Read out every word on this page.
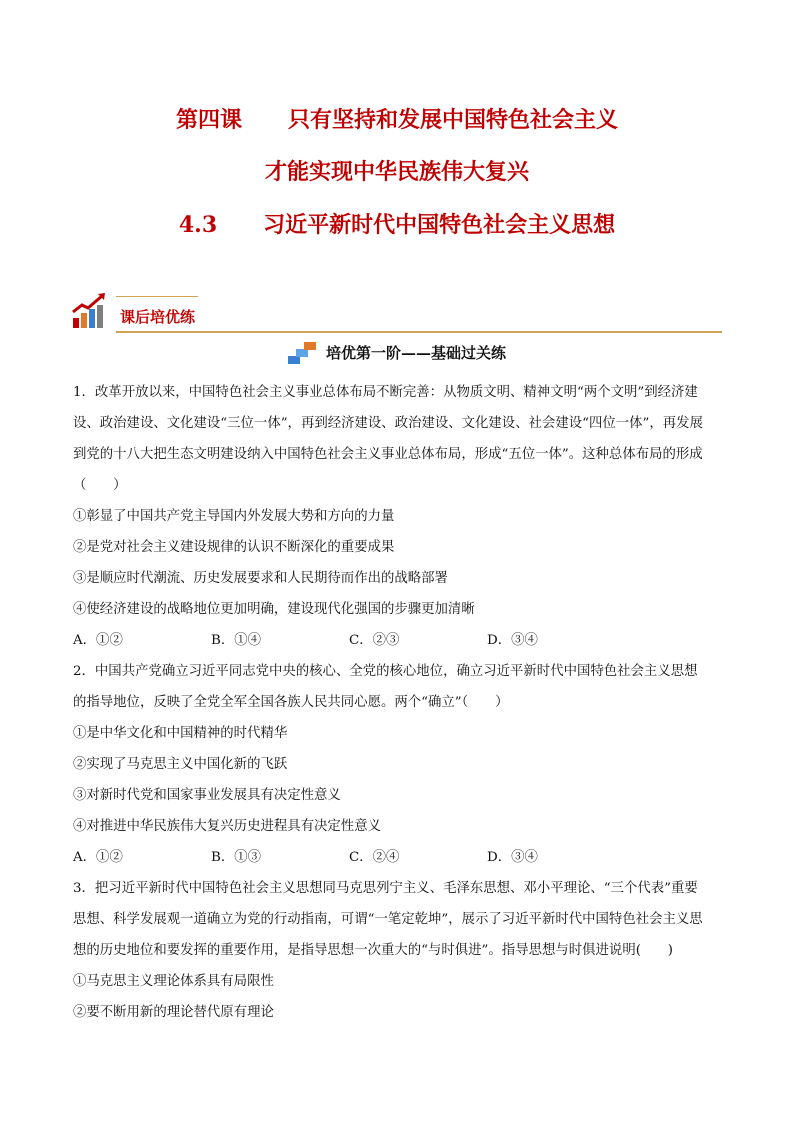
第四课      只有坚持和发展中国特色社会主义
才能实现中华民族伟大复兴
4.3      习近平新时代中国特色社会主义思想
课后培优练
培优第一阶——基础过关练

1．改革开放以来，中国特色社会主义事业总体布局不断完善：从物质文明、精神文明“两个文明”到经济建

设、政治建设、文化建设“三位一体”，再到经济建设、政治建设、文化建设、社会建设“四位一体”，再发展

到党的十八大把生态文明建设纳入中国特色社会主义事业总体布局，形成“五位一体”。这种总体布局的形成

（　　）

①彰显了中国共产党主导国内外发展大势和方向的力量

②是党对社会主义建设规律的认识不断深化的重要成果

③是顺应时代潮流、历史发展要求和人民期待而作出的战略部署

④使经济建设的战略地位更加明确，建设现代化强国的步骤更加清晰

A．①②	B．①④	C．②③	D．③④

2．中国共产党确立习近平同志党中央的核心、全党的核心地位，确立习近平新时代中国特色社会主义思想

的指导地位，反映了全党全军全国各族人民共同心愿。两个“确立”（　　）

①是中华文化和中国精神的时代精华

②实现了马克思主义中国化新的飞跃

③对新时代党和国家事业发展具有决定性意义

④对推进中华民族伟大复兴历史进程具有决定性意义

A．①②	B．①③	C．②④	D．③④

3．把习近平新时代中国特色社会主义思想同马克思列宁主义、毛泽东思想、邓小平理论、“三个代表”重要

思想、科学发展观一道确立为党的行动指南，可谓“一笔定乾坤”，展示了习近平新时代中国特色社会主义思

想的历史地位和要发挥的重要作用，是指导思想一次重大的“与时俱进”。指导思想与时俱进说明(　　)

①马克思主义理论体系具有局限性

②要不断用新的理论替代原有理论
